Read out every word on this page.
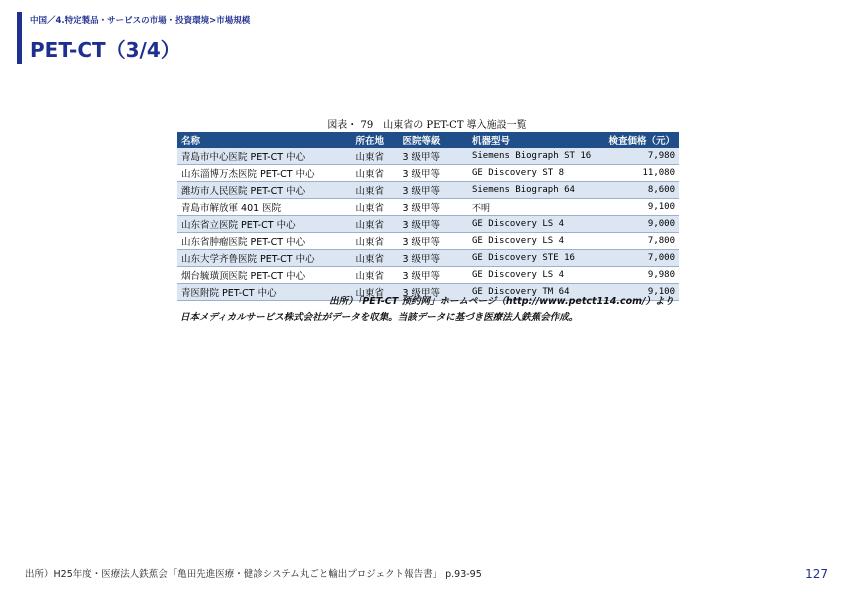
中国／4.特定製品・サービスの市場・投資環境>市場規模
PET-CT（3/4）
図表・ 79　山東省の PET-CT 導入施設一覧
名称	所在地	医院等級	机器型号	検査価格（元）
青島市中心医院 PET-CT 中心	山東省	3 级甲等	Siemens Biograph ST 16	7,980
山东淄博万杰医院 PET-CT 中心	山東省	3 级甲等	GE Discovery ST 8	11,080
潍坊市人民医院 PET-CT 中心	山東省	3 级甲等	Siemens Biograph 64	8,600
青島市解放軍 401 医院	山東省	3 级甲等	不明	9,100
山东省立医院 PET-CT 中心	山東省	3 级甲等	GE Discovery LS 4	9,000
山东省肿瘤医院 PET-CT 中心	山東省	3 级甲等	GE Discovery LS 4	7,800
山东大学齐鲁医院 PET-CT 中心	山東省	3 级甲等	GE Discovery STE 16	7,000
烟台毓璜顶医院 PET-CT 中心	山東省	3 级甲等	GE Discovery LS 4	9,980
青医附院 PET-CT 中心	山東省	3 级甲等	GE Discovery TM 64	9,100
出所）「PET-CT 预约网」ホームページ（http://www.petct114.com/）より
日本メディカルサービス株式会社がデータを収集。当該データに基づき医療法人鉄蕉会作成。
出所）H25年度・医療法人鉄蕉会「亀田先進医療・健診システム丸ごと輸出プロジェクト報告書」 p.93-95	127
